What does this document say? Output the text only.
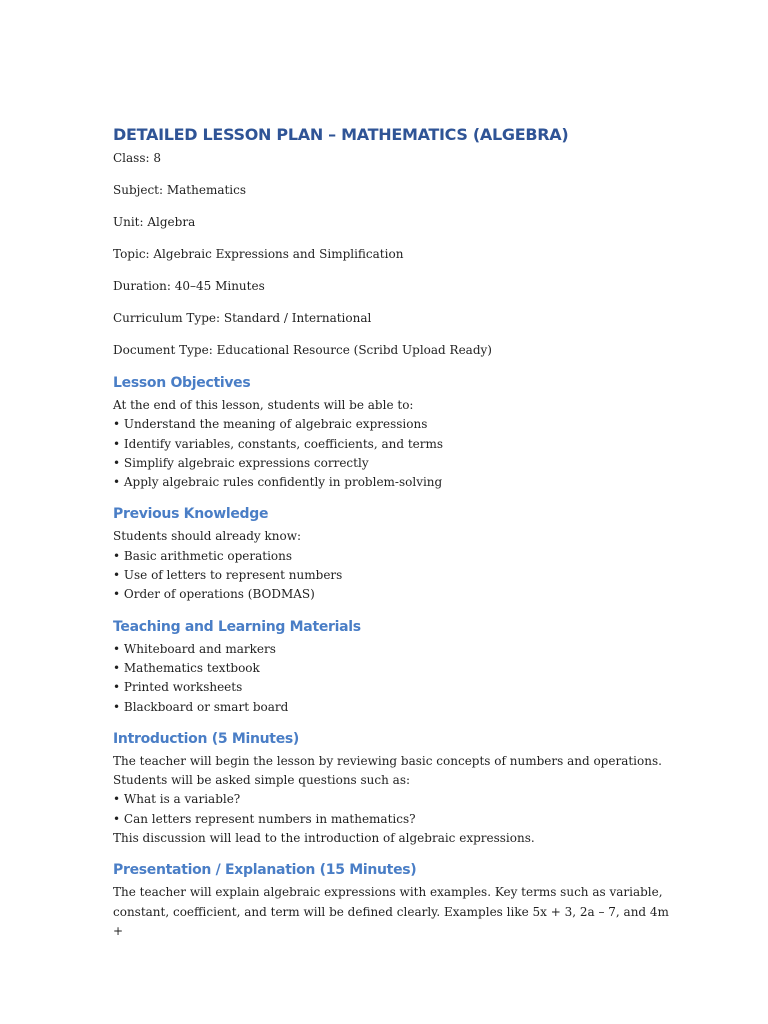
DETAILED LESSON PLAN – MATHEMATICS (ALGEBRA)

Class: 8

Subject: Mathematics

Unit: Algebra

Topic: Algebraic Expressions and Simplification

Duration: 40–45 Minutes

Curriculum Type: Standard / International

Document Type: Educational Resource (Scribd Upload Ready)

Lesson Objectives

At the end of this lesson, students will be able to:

• Understand the meaning of algebraic expressions
• Identify variables, constants, coefficients, and terms
• Simplify algebraic expressions correctly
• Apply algebraic rules confidently in problem-solving
Previous Knowledge

Students should already know:

• Basic arithmetic operations
• Use of letters to represent numbers
• Order of operations (BODMAS)
Teaching and Learning Materials
• Whiteboard and markers
• Mathematics textbook
• Printed worksheets
• Blackboard or smart board
Introduction (5 Minutes)

The teacher will begin the lesson by reviewing basic concepts of numbers and operations.

Students will be asked simple questions such as:

• What is a variable?

• Can letters represent numbers in mathematics?

This discussion will lead to the introduction of algebraic expressions.

Presentation / Explanation (15 Minutes)

The teacher will explain algebraic expressions with examples. Key terms such as variable,

constant, coefficient, and term will be defined clearly. Examples like 5x + 3, 2a – 7, and 4m +
